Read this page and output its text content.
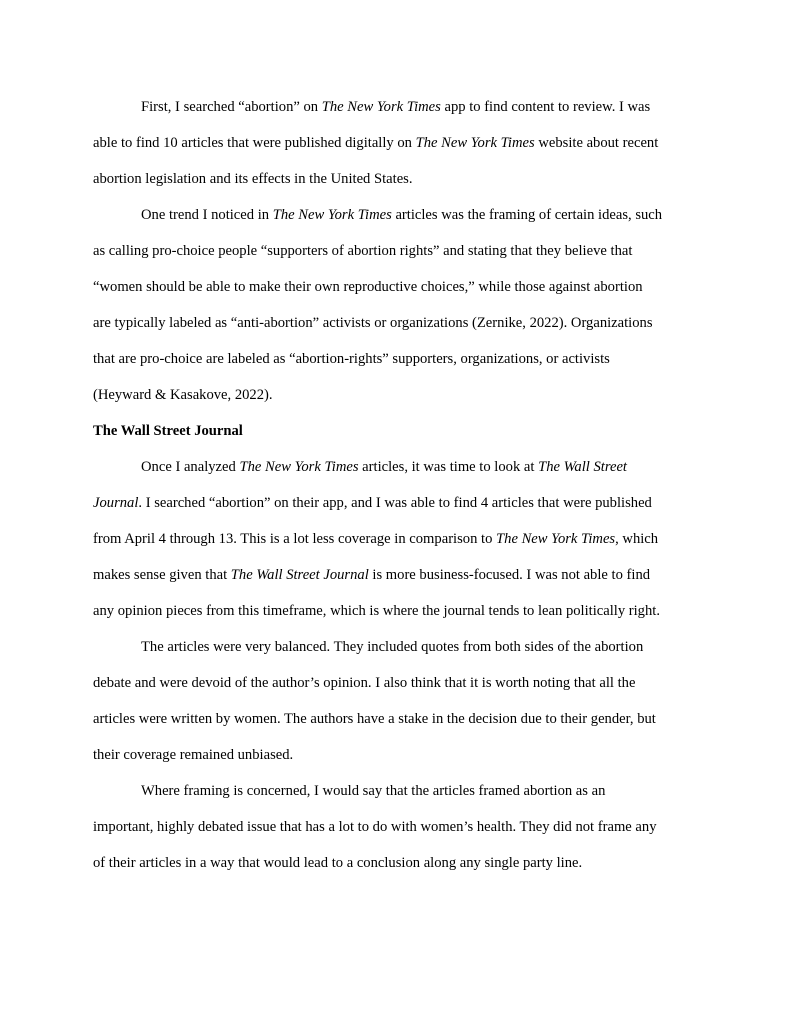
First, I searched “abortion” on The New York Times app to find content to review. I was
able to find 10 articles that were published digitally on The New York Times website about recent
abortion legislation and its effects in the United States.

One trend I noticed in The New York Times articles was the framing of certain ideas, such
as calling pro-choice people “supporters of abortion rights” and stating that they believe that
“women should be able to make their own reproductive choices,” while those against abortion
are typically labeled as “anti-abortion” activists or organizations (Zernike, 2022). Organizations
that are pro-choice are labeled as “abortion-rights” supporters, organizations, or activists
(Heyward & Kasakove, 2022).

The Wall Street Journal

Once I analyzed The New York Times articles, it was time to look at The Wall Street
Journal. I searched “abortion” on their app, and I was able to find 4 articles that were published
from April 4 through 13. This is a lot less coverage in comparison to The New York Times, which
makes sense given that The Wall Street Journal is more business-focused. I was not able to find
any opinion pieces from this timeframe, which is where the journal tends to lean politically right.

The articles were very balanced. They included quotes from both sides of the abortion
debate and were devoid of the author’s opinion. I also think that it is worth noting that all the
articles were written by women. The authors have a stake in the decision due to their gender, but
their coverage remained unbiased.

Where framing is concerned, I would say that the articles framed abortion as an
important, highly debated issue that has a lot to do with women’s health. They did not frame any
of their articles in a way that would lead to a conclusion along any single party line.
